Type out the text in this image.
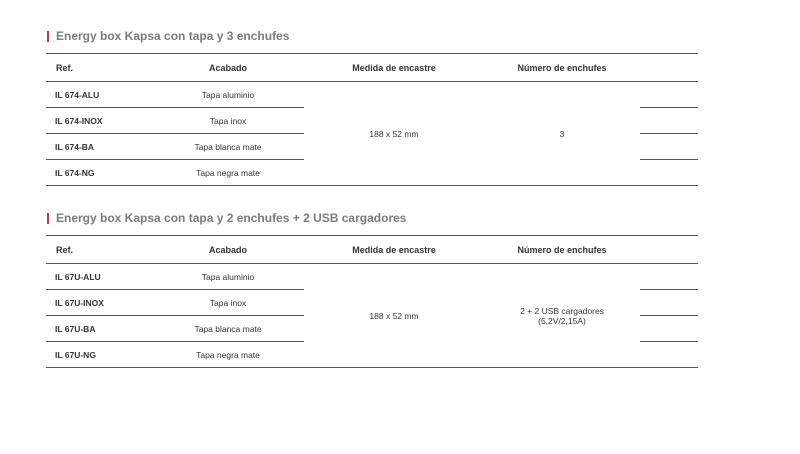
Energy box Kapsa con tapa y 3 enchufes
Ref.	Acabado	Medida de encastre	Número de enchufes	
IL 674-ALU	Tapa aluminio	188 x 52 mm	3	

IL 674-INOX	Tapa inox			
IL 674-BA	Tapa blanca mate			
IL 674-NG	Tapa negra mate			
Energy box Kapsa con tapa y 2 enchufes + 2 USB cargadores
Ref.	Acabado	Medida de encastre	Número de enchufes	
IL 67U-ALU	Tapa aluminio	188 x 52 mm	2 + 2 USB cargadores
(5,2V/2,15A)	

IL 67U-INOX	Tapa inox			
IL 67U-BA	Tapa blanca mate			
IL 67U-NG	Tapa negra mate			
